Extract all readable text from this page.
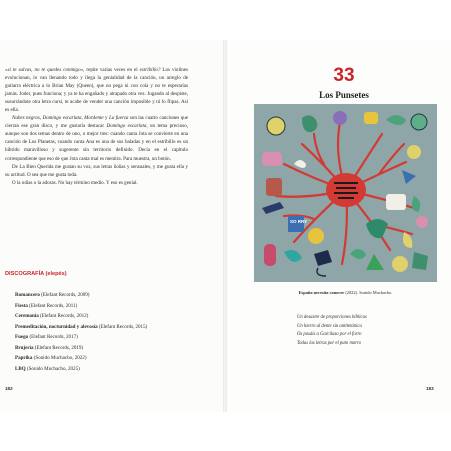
«si te salvas, no te quedes conmigo», repite varias veces en el estribillo? Los violines evolucionan, lo van llenando todo y llega la genialidad de la canción, un arreglo de guitarra eléctrica a lo Brian May (Queen), que no pega ni con cola y no te esperarías jamás. Joder, pues funciona; y ya te ha engañado y atrapado otra vez. Jugando al despiste, susurrándote otra letra cursi, te acabe de vender una canción imposible y tú lo flipas. Así es ella.

Nubes negras, Domingo escarlata, Mordente y La fuerza son las cuatro canciones que cierran ese gran disco, y me gustaría destacar Domingo escarlata, un tema precioso, aunque son dos temas dentro de uno, o mejor tres: cuando canta Jota se convierte en una canción de Los Planetas, cuando canta Ana es una de sus baladas y en el estribillo es un híbrido maravilloso y sugerente sin territorio definido. Decía en el capítulo correspondiente que eso de que Jota canta mal es mentira. Para muestra, un botón.

De La Bien Querida me gustan su voz, sus letras ñoñas y sensuales, y me gusta ella y su actitud. O sea que me gusta toda.

O la odias o la adoras. No hay término medio. Y eso es genial.

DISCOGRAFÍA (elepés)
Romancero (Elefant Records, 2009)
Fiesta (Elefant Records, 2011)
Ceremonia (Elefant Records, 2012)
Premeditación, nocturnidad y alevosía (Elefant Records, 2015)
Fuego (Elefant Records, 2017)
Brujería (Elefant Records, 2019)
Paprika (Sonido Muchacho, 2022)
LBQ (Sonido Muchacho, 2025)
182	183
33
Los Punsetes
SO RRY
España necesita conocer (2022). Sonido Muchacho.
Un desastre de proporciones bíblicas
Un hierro al dente sin antitetánica
Os pasáis a Garcilaso por el forro
Todas las letras por el puto morro
